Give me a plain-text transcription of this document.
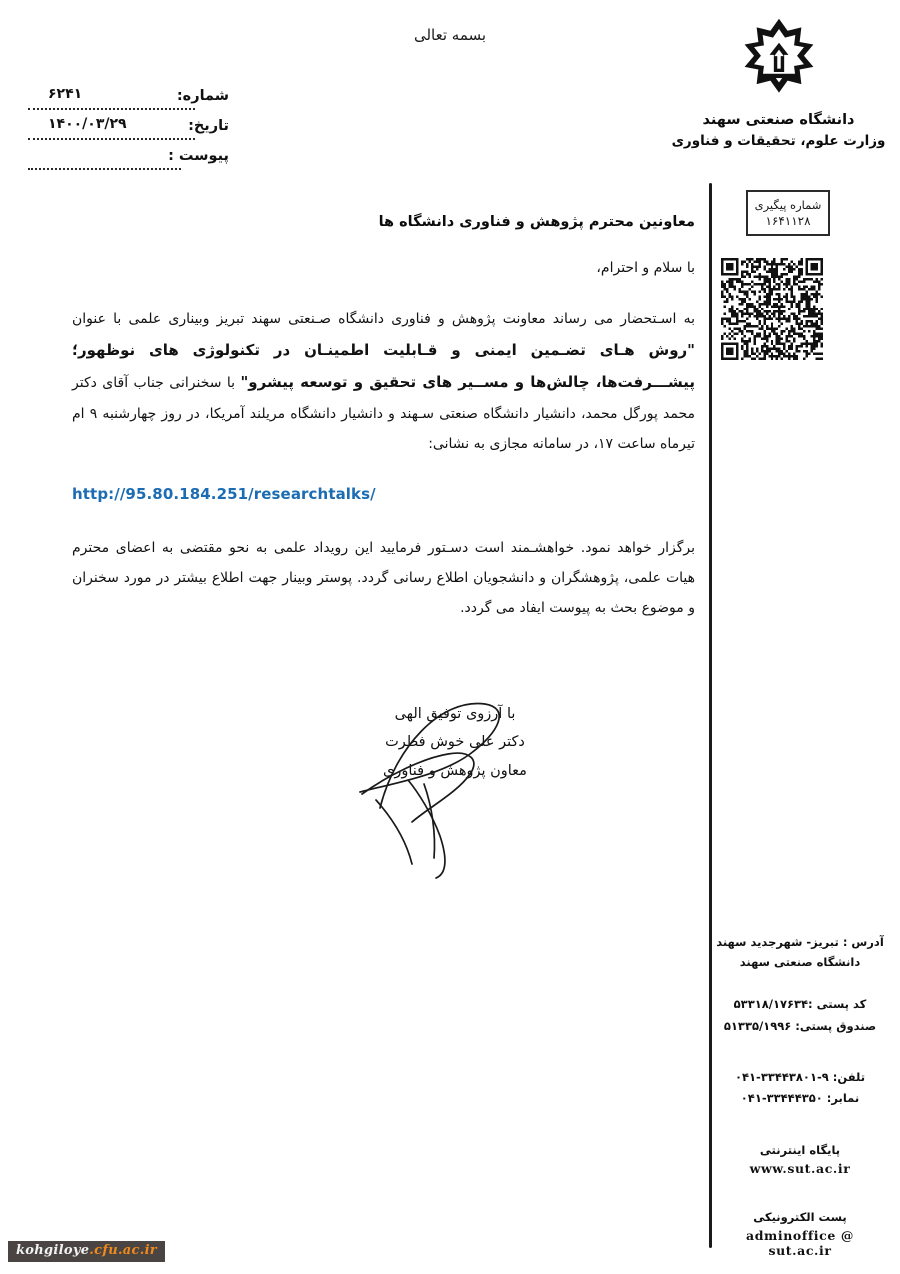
بسمه تعالی
دانشگاه صنعتی سهند
وزارت علوم، تحقیقات و فناوری
شماره:
۶۲۴۱
تاریخ:
۱۴۰۰/۰۳/۲۹
پیوست :
شماره پیگیری
۱۶۴۱۱۲۸
معاونین محترم پژوهش و فناوری دانشگاه ها
با سلام و احترام،

به اسـتحضار می رساند معاونت پژوهش و فناوری دانشگاه صـنعتی سهند تبریز وبیناری علمی با عنوان "روش هـای تضـمین ایمنی و قـابلیت اطمینـان در تکنولوژی های نوظهور؛ پیشـــرفت‌ها، چالش‌ها و مســیر های تحقیق و توسعه پیشرو" با سخنرانی جناب آقای دکتر محمد پورگل محمد، دانشیار دانشگاه صنعتی سـهند و دانشیار دانشگاه مریلند آمریکا، در روز چهارشنبه ۹ ام تیرماه ساعت ۱۷، در سامانه مجازی به نشانی:

http://95.80.184.251/researchtalks/

برگزار خواهد نمود. خواهشـمند است دسـتور فرمایید این رویداد علمی به نحو مقتضی به اعضای محترم هیات علمی، پژوهشگران و دانشجویان اطلاع رسانی گردد. پوستر وبینار جهت اطلاع بیشتر در مورد سخنران و موضوع بحث به پیوست ایفاد می گردد.

با آرزوی توفیق الهی
دکتر علی خوش فطرت
معاون پژوهش و فناوری
آدرس : تبریز- شهرجدید سهند
دانشگاه صنعتی سهند
کد پستی :۵۳۳۱۸/۱۷۶۳۴
صندوق پستی: ۵۱۳۳۵/۱۹۹۶
تلفن: ۹-۳۳۴۴۳۸۰۱-۰۴۱
نمابر: ۳۳۴۴۴۳۵۰-۰۴۱
پایگاه اینترنتی
www.sut.ac.ir
پست الکترونیکی
adminoffice @ sut.ac.ir
kohgiloye.cfu.ac.ir
